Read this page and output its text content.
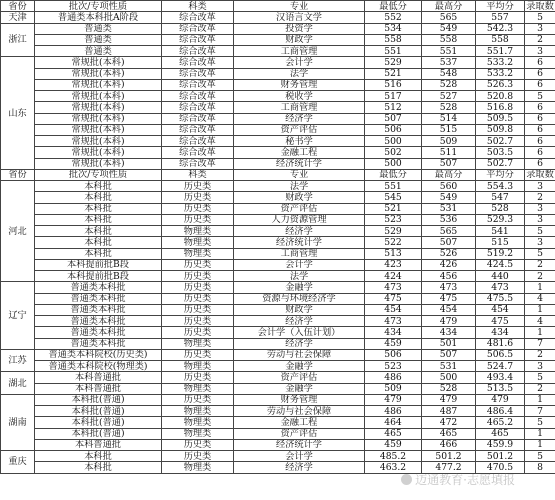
省份	批次/专项性质	科类	专业	最低分	最高分	平均分	录取数
天津	普通类本科批A阶段	综合改革	汉语言文学	552	565	557	5
浙江	普通类	综合改革	投资学	534	549	542.3	3
	普通类	综合改革	财政学	558	558	558	2
	普通类	综合改革	工商管理	551	551	551.7	3
山东	常规批(本科)	综合改革	会计学	529	537	533.2	6
	常规批(本科)	综合改革	法学	521	548	533.2	6
	常规批(本科)	综合改革	财务管理	516	528	526.3	6
	常规批(本科)	综合改革	税收学	517	527	520.8	5
	常规批(本科)	综合改革	工商管理	512	528	516.8	6
	常规批(本科)	综合改革	经济学	507	514	509.5	6
	常规批(本科)	综合改革	资产评估	506	515	509.8	6
	常规批(本科)	综合改革	秘书学	500	509	502.7	6
	常规批(本科)	综合改革	金融工程	502	511	503.5	6
	常规批(本科)	综合改革	经济统计学	500	507	502.7	6
省份	批次/专项性质	科类	专业	最低分	最高分	平均分	录取数
河北	本科批	历史类	法学	551	560	554.3	3
	本科批	历史类	财政学	545	549	547	2
	本科批	历史类	资产评估	521	531	528	3
	本科批	历史类	人力资源管理	523	536	529.3	3
	本科批	物理类	经济学	529	565	541	5
	本科批	物理类	经济统计学	522	507	515	3
	本科批	物理类	工商管理	513	526	519.2	5
	本科提前批B段	历史类	会计学	423	426	424.5	2
	本科提前批B段	历史类	法学	424	456	440	2
辽宁	普通类本科批	历史类	金融学	473	473	473	1
	普通类本科批	历史类	资源与环境经济学	475	475	475.5	4
	普通类本科批	历史类	财政学	454	454	454	1
	普通类本科批	历史类	经济学	473	479	475	4
	普通类本科批	历史类	会计学（入伍计划）	434	434	434	1
	普通类本科批	物理类	经济学	459	501	481.6	7
江苏	普通类本科院校(历史类)	历史类	劳动与社会保障	506	507	506.5	2
	普通类本科院校(物理类)	物理类	金融学	523	531	524.7	3
湖北	本科普通批	历史类	资产评估	486	500	493.4	5
	本科普通批	物理类	金融学	509	528	513.5	2
湖南	本科批(普通)	历史类	财务管理	479	479	479	1
	本科批(普通)	物理类	劳动与社会保障	486	487	486.4	7
	本科批(普通)	物理类	金融工程	464	472	465.2	5
	本科批(普通)	物理类	资产评估	465	465	465	1
	本科普通批	历史类	经济统计学	459	466	459.9	1
重庆	本科批	历史类	会计学	485.2	501.2	501.2	5
	本科批	物理类	经济学	463.2	477.2	470.5	8
迈通教育·志愿填报
